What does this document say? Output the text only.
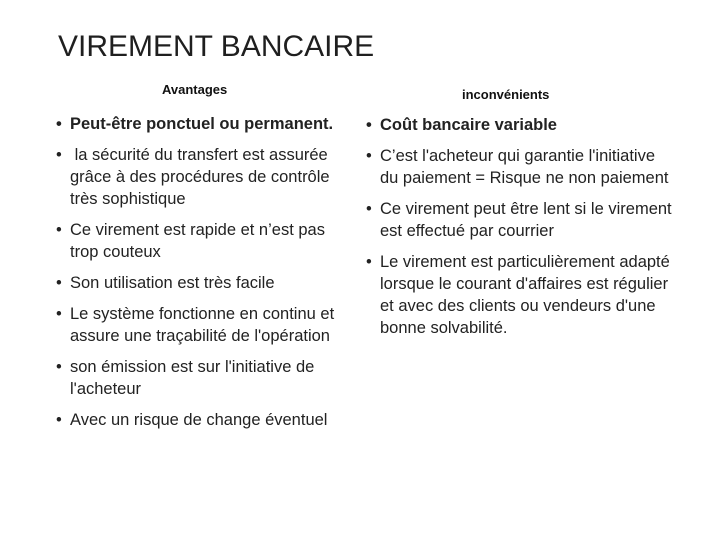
VIREMENT BANCAIRE
Avantages	inconvénients
• Peut-être ponctuel ou permanent.
• la sécurité du transfert est assurée grâce à des procédures de contrôle très sophistique
• Ce virement est rapide et n’est pas trop couteux
• Son utilisation est très facile
• Le système fonctionne en continu et assure une traçabilité de l'opération
• son émission est sur l'initiative de l'acheteur
• Avec un risque de change éventuel
• Coût bancaire variable
• C’est l'acheteur qui garantie l'initiative du paiement = Risque ne non paiement
• Ce virement peut être lent si le virement est effectué par courrier
• Le virement est particulièrement adapté lorsque le courant d'affaires est régulier et avec des clients ou vendeurs d'une bonne solvabilité.
